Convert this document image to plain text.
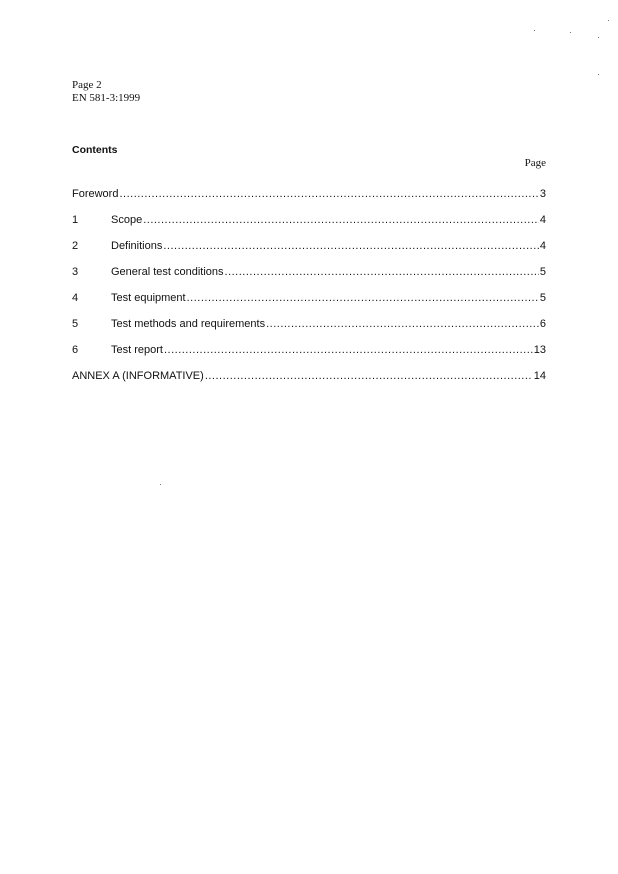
Page 2
EN 581-3:1999
Contents
Page
Foreword .....	3
1	Scope .....	4
2	Definitions .....	4
3	General test conditions .....	5
4	Test equipment .....	5
5	Test methods and requirements .....	6
6	Test report .....	13
ANNEX A (INFORMATIVE) .....	14
